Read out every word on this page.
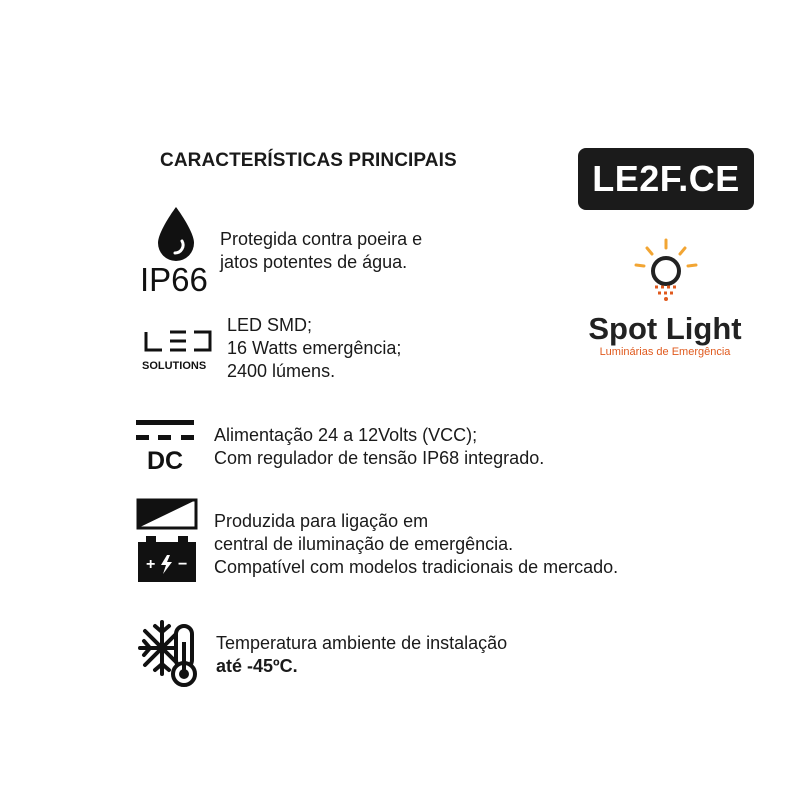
CARACTERÍSTICAS PRINCIPAIS	LE2F.CE
Spot Light
Luminárias de Emergência
IP66
Protegida contra poeira e
jatos potentes de água.
SOLUTIONS
LED SMD;
16 Watts emergência;
2400 lúmens.
DC
Alimentação 24 a 12Volts (VCC);
Com regulador de tensão IP68 integrado.
+ −
Produzida para ligação em
central de iluminação de emergência.
Compatível com modelos tradicionais de mercado.
Temperatura ambiente de instalação
até -45ºC.
